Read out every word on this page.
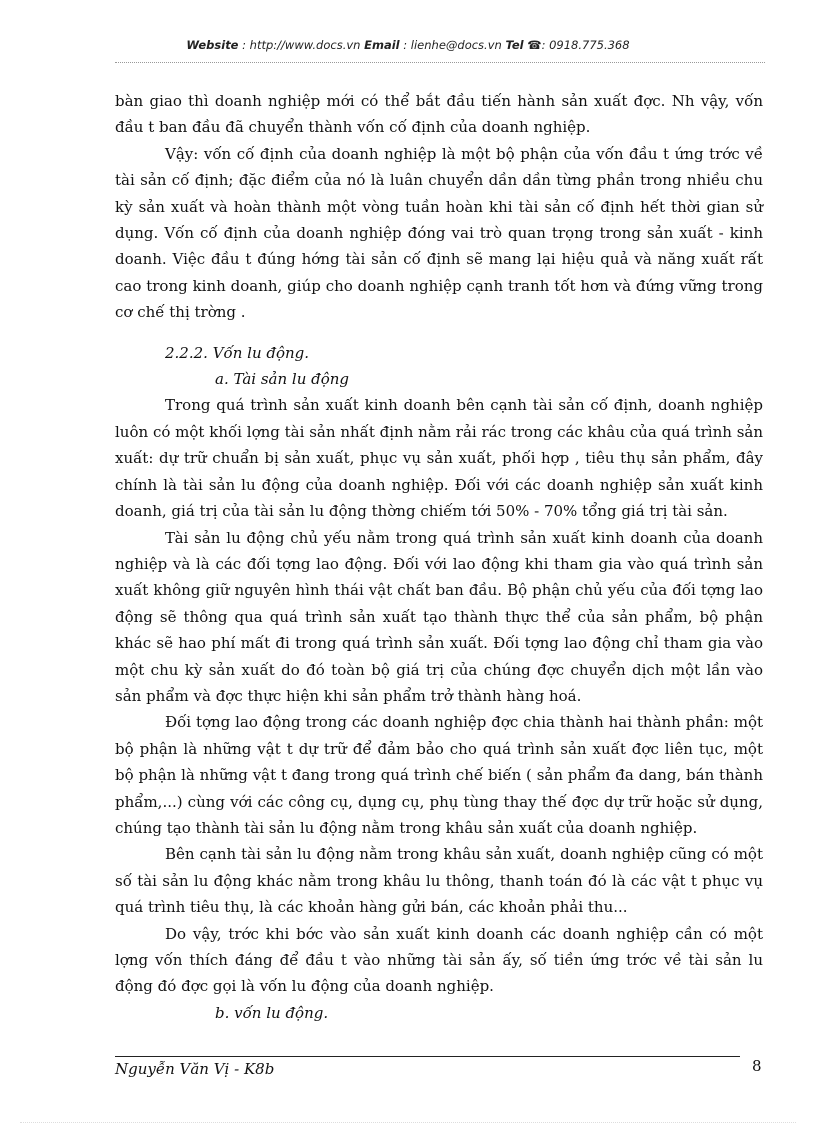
Website : http://www.docs.vn Email : lienhe@docs.vn Tel ☎: 0918.775.368

bàn giao thì doanh nghiệp mới có thể bắt đầu tiến hành sản xuất đợc. Nh vậy, vốn đầu t ban đầu đã chuyển thành vốn cố định của doanh nghiệp.

Vậy: vốn cố định của doanh nghiệp là một bộ phận của vốn đầu t ứng trớc về tài sản cố định; đặc điểm của nó là luân chuyển dần dần từng phần trong nhiều chu kỳ sản xuất và hoàn thành một vòng tuần hoàn khi tài sản cố định hết thời gian sử dụng. Vốn cố định của doanh nghiệp đóng vai trò quan trọng trong sản xuất - kinh doanh. Việc đầu t đúng hớng tài sản cố định sẽ mang lại hiệu quả và năng xuất rất cao trong kinh doanh, giúp cho doanh nghiệp cạnh tranh tốt hơn và đứng vững trong cơ chế thị trờng .

2.2.2. Vốn lu động.

a. Tài sản lu động

Trong quá trình sản xuất kinh doanh bên cạnh tài sản cố định, doanh nghiệp luôn có một khối lợng tài sản nhất định nằm rải rác trong các khâu của quá trình sản xuất: dự trữ chuẩn bị sản xuất, phục vụ sản xuất, phối hợp , tiêu thụ sản phẩm, đây chính là tài sản lu động của doanh nghiệp. Đối với các doanh nghiệp sản xuất kinh doanh, giá trị của tài sản lu động thờng chiếm tới 50% - 70% tổng giá trị tài sản.

Tài sản lu động chủ yếu nằm trong quá trình sản xuất kinh doanh của doanh nghiệp và là các đối tợng lao động. Đối với lao động khi tham gia vào quá trình sản xuất không giữ nguyên hình thái vật chất ban đầu. Bộ phận chủ yếu của đối tợng lao động sẽ thông qua quá trình sản xuất tạo thành thực thể của sản phẩm, bộ phận khác sẽ hao phí mất đi trong quá trình sản xuất. Đối tợng lao động chỉ tham gia vào một chu kỳ sản xuất do đó toàn bộ giá trị của chúng đợc chuyển dịch một lần vào sản phẩm và đợc thực hiện khi sản phẩm trở thành hàng hoá.

Đối tợng lao động trong các doanh nghiệp đợc chia thành hai thành phần: một bộ phận là những vật t dự trữ để đảm bảo cho quá trình sản xuất đợc liên tục, một bộ phận là những vật t đang trong quá trình chế biến ( sản phẩm đa dang, bán thành phẩm,...) cùng với các công cụ, dụng cụ, phụ tùng thay thế đợc dự trữ hoặc sử dụng, chúng tạo thành tài sản lu động nằm trong khâu sản xuất của doanh nghiệp.

Bên cạnh tài sản lu động nằm trong khâu sản xuất, doanh nghiệp cũng có một số tài sản lu động khác nằm trong khâu lu thông, thanh toán đó là các vật t phục vụ quá trình tiêu thụ, là các khoản hàng gửi bán, các khoản phải thu...

Do vậy, trớc khi bớc vào sản xuất kinh doanh các doanh nghiệp cần có một lợng vốn thích đáng để đầu t vào những tài sản ấy, số tiền ứng trớc về tài sản lu động đó đợc gọi là vốn lu động của doanh nghiệp.

b. vốn lu động.

Nguyễn Văn Vị - K8b	8
